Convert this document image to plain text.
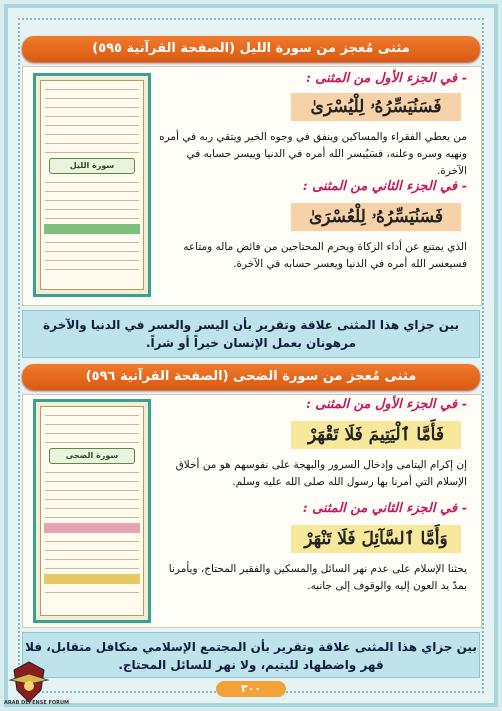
مثنى مُعجز من سورة الليل (الصفحة القرآنية ٥٩٥)
سورة الليل
- في الجزء الأول من المثنى :
فَسَنُيَسِّرُهُۥ لِلْيُسْرَىٰ
من يعطي الفقراء والمساكين وينفق في وجوه الخير ويتقي ربه في أمره ونهيه وسره وعلنه، فسَيُيسر الله أمره في الدنيا وييسر حسابه في الآخرة.
- في الجزء الثاني من المثنى :
فَسَنُيَسِّرُهُۥ لِلْعُسْرَىٰ
الذي يمتنع عن أداء الزكاة ويحرم المحتاجين من فائض ماله ومتاعه فسيعسر الله أمره في الدنيا ويعسر حسابه في الآخرة.
بين جزاي هذا المثنى علاقة وتقرير بأن اليسر والعسر في الدنيا والآخرة مرهونان بعمل الإنسان خيراً أو شراً.
مثنى مُعجز من سورة الضحى (الصفحة القرآنية ٥٩٦)
سورة الضحى
- في الجزء الأول من المثنى :
فَأَمَّا ٱلْيَتِيمَ فَلَا تَقْهَرْ
إن إكرام اليتامى وإدخال السرور والبهجة على نفوسهم هو من أخلاق الإسلام التي أمرنا بها رسول الله صلى الله عليه وسلم.
- في الجزء الثاني من المثنى :
وَأَمَّا ٱلسَّآئِلَ فَلَا تَنْهَرْ
يحثنا الإسلام على عدم نهر السائل والمسكين والفقير المحتاج، ويأمرنا بمدّ يد العون إليه والوقوف إلى جانبه.
بين جزاي هذا المثنى علاقة وتقرير بأن المجتمع الإسلامي متكافل متقابل، فلا قهر واضطهاد لليتيم، ولا نهر للسائل المحتاج.
٣٠٠
ARAB DEFENSE FORUM
